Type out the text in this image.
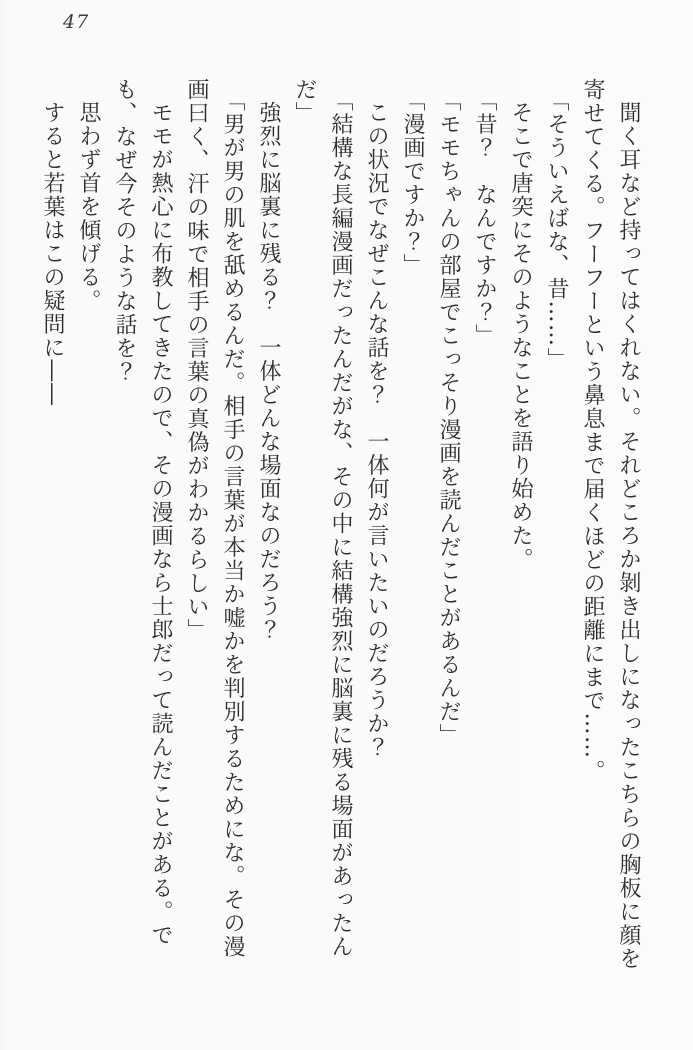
47

聞く耳など持ってはくれない。それどころか剝き出しになったこちらの胸板に顔を寄せてくる。フーフーという鼻息まで届くほどの距離にまで……。

「そういえばな、昔……」

そこで唐突にそのようなことを語り始めた。

「昔？　なんですか？」

「モモちゃんの部屋でこっそり漫画を読んだことがあるんだ」

「漫画ですか？」

この状況でなぜこんな話を？　一体何が言いたいのだろうか？

「結構な長編漫画だったんだがな、その中に結構強烈に脳裏に残る場面があったんだ」

強烈に脳裏に残る？　一体どんな場面なのだろう？

「男が男の肌を舐めるんだ。相手の言葉が本当か嘘かを判別するためにな。その漫画曰く、汗の味で相手の言葉の真偽がわかるらしい」

モモが熱心に布教してきたので、その漫画なら士郎だって読んだことがある。でも、なぜ今そのような話を？

思わず首を傾げる。

すると若葉はこの疑問に――
